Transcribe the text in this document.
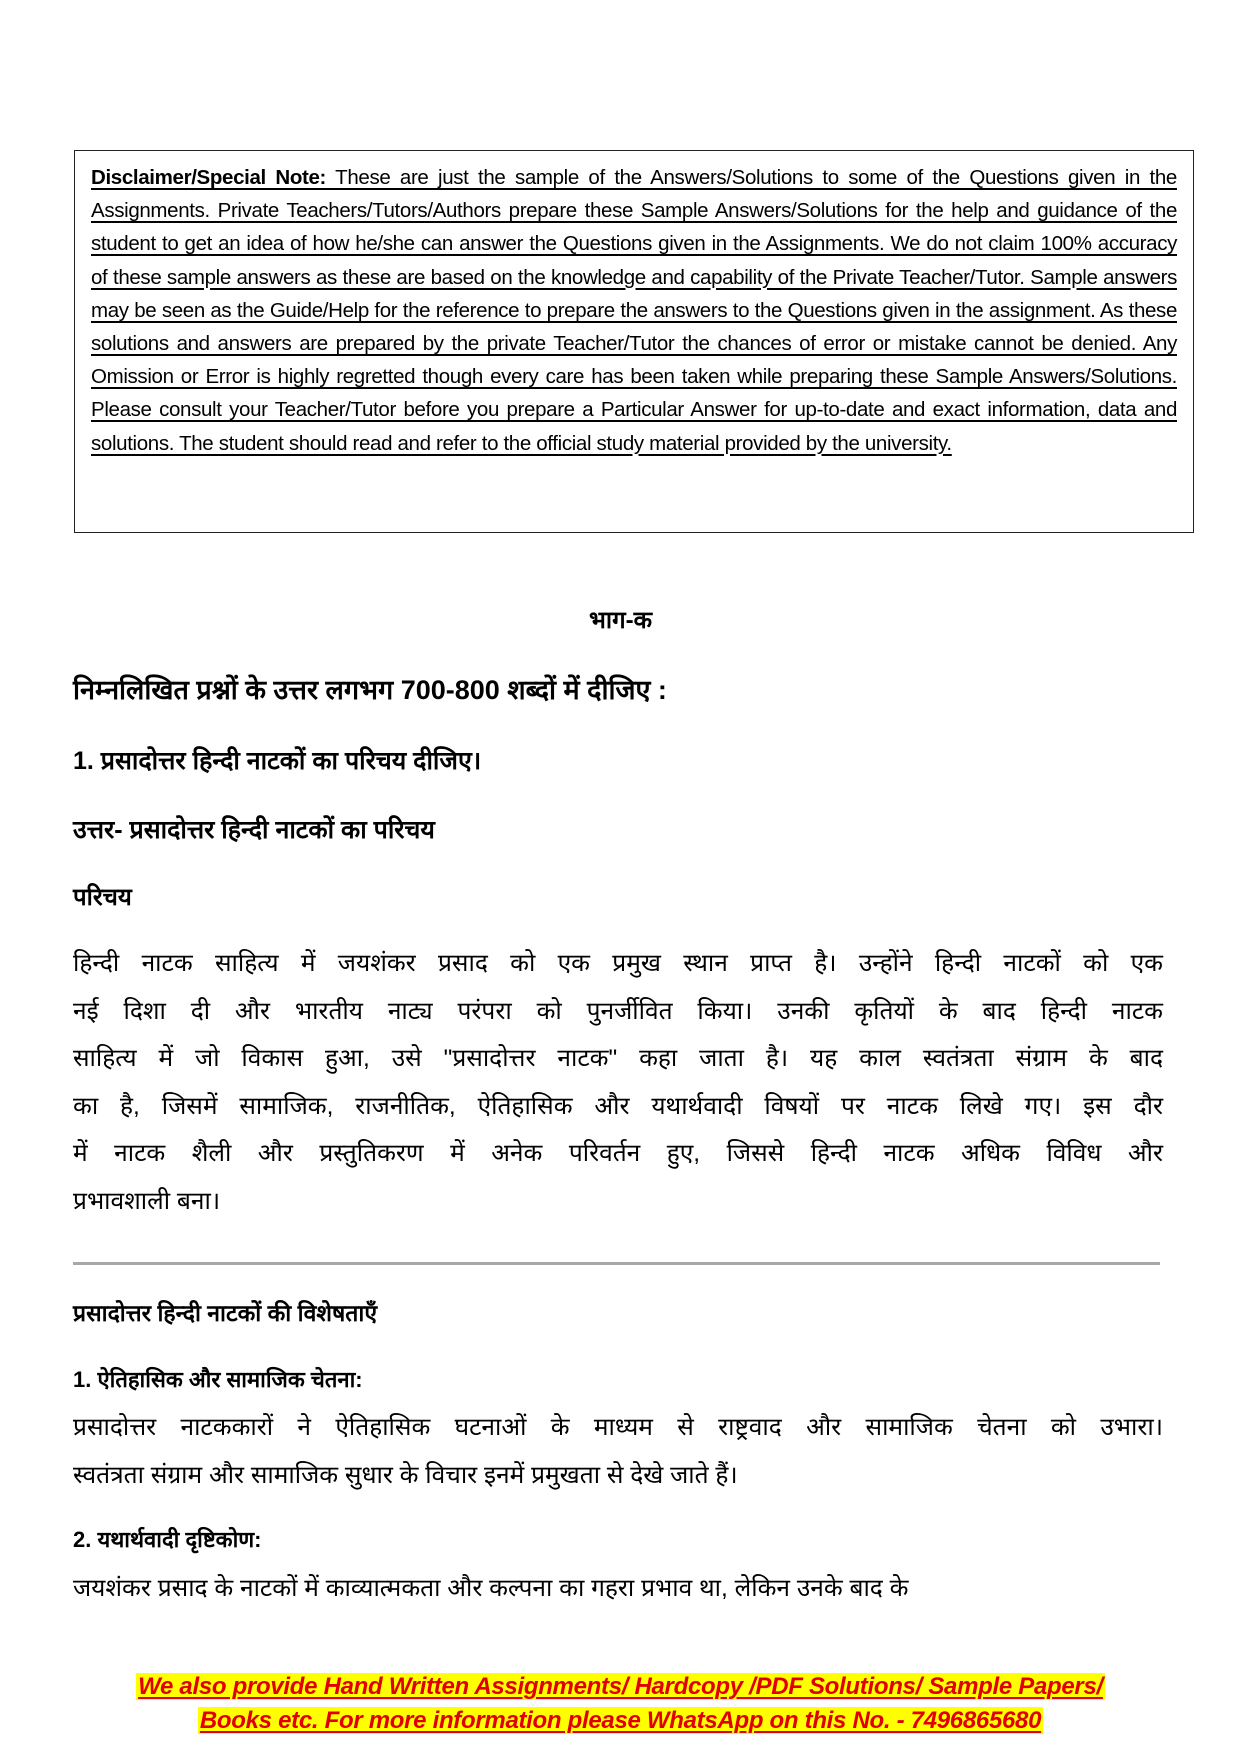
Disclaimer/Special Note: These are just the sample of the Answers/Solutions to some of the Questions given in the Assignments. Private Teachers/Tutors/Authors prepare these Sample Answers/Solutions for the help and guidance of the student to get an idea of how he/she can answer the Questions given in the Assignments. We do not claim 100% accuracy of these sample answers as these are based on the knowledge and capability of the Private Teacher/Tutor. Sample answers may be seen as the Guide/Help for the reference to prepare the answers to the Questions given in the assignment. As these solutions and answers are prepared by the private Teacher/Tutor the chances of error or mistake cannot be denied. Any Omission or Error is highly regretted though every care has been taken while preparing these Sample Answers/Solutions. Please consult your Teacher/Tutor before you prepare a Particular Answer for up-to-date and exact information, data and solutions. The student should read and refer to the official study material provided by the university.

भाग-क
निम्नलिखित प्रश्नों के उत्तर लगभग 700-800 शब्दों में दीजिए :
1. प्रसादोत्तर हिन्दी नाटकों का परिचय दीजिए।
उत्तर- प्रसादोत्तर हिन्दी नाटकों का परिचय
परिचय
हिन्दी नाटक साहित्य में जयशंकर प्रसाद को एक प्रमुख स्थान प्राप्त है। उन्होंने हिन्दी नाटकों को एक
नई दिशा दी और भारतीय नाट्य परंपरा को पुनर्जीवित किया। उनकी कृतियों के बाद हिन्दी नाटक
साहित्य में जो विकास हुआ, उसे "प्रसादोत्तर नाटक" कहा जाता है। यह काल स्वतंत्रता संग्राम के बाद
का है, जिसमें सामाजिक, राजनीतिक, ऐतिहासिक और यथार्थवादी विषयों पर नाटक लिखे गए। इस दौर
में नाटक शैली और प्रस्तुतिकरण में अनेक परिवर्तन हुए, जिससे हिन्दी नाटक अधिक विविध और
प्रभावशाली बना।
प्रसादोत्तर हिन्दी नाटकों की विशेषताएँ
1. ऐतिहासिक और सामाजिक चेतना:
प्रसादोत्तर नाटककारों ने ऐतिहासिक घटनाओं के माध्यम से राष्ट्रवाद और सामाजिक चेतना को उभारा।
स्वतंत्रता संग्राम और सामाजिक सुधार के विचार इनमें प्रमुखता से देखे जाते हैं।
2. यथार्थवादी दृष्टिकोण:
जयशंकर प्रसाद के नाटकों में काव्यात्मकता और कल्पना का गहरा प्रभाव था, लेकिन उनके बाद के
We also provide Hand Written Assignments/ Hardcopy /PDF Solutions/ Sample Papers/
Books etc. For more information please WhatsApp on this No. - 7496865680
